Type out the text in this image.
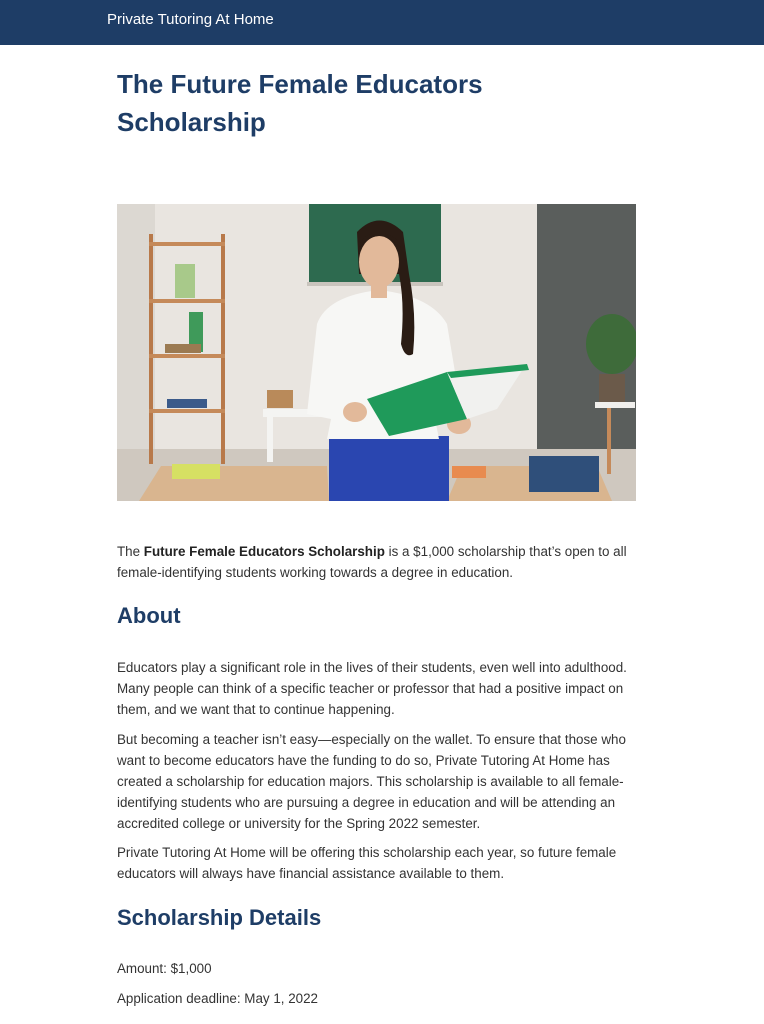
Private Tutoring At Home
The Future Female Educators Scholarship

The Future Female Educators Scholarship is a $1,000 scholarship that’s open to all female-identifying students working towards a degree in education.

About

Educators play a significant role in the lives of their students, even well into adulthood. Many people can think of a specific teacher or professor that had a positive impact on them, and we want that to continue happening.

But becoming a teacher isn’t easy—especially on the wallet. To ensure that those who want to become educators have the funding to do so, Private Tutoring At Home has created a scholarship for education majors. This scholarship is available to all female-identifying students who are pursuing a degree in education and will be attending an accredited college or university for the Spring 2022 semester.

Private Tutoring At Home will be offering this scholarship each year, so future female educators will always have financial assistance available to them.

Scholarship Details

Amount: $1,000

Application deadline: May 1, 2022
